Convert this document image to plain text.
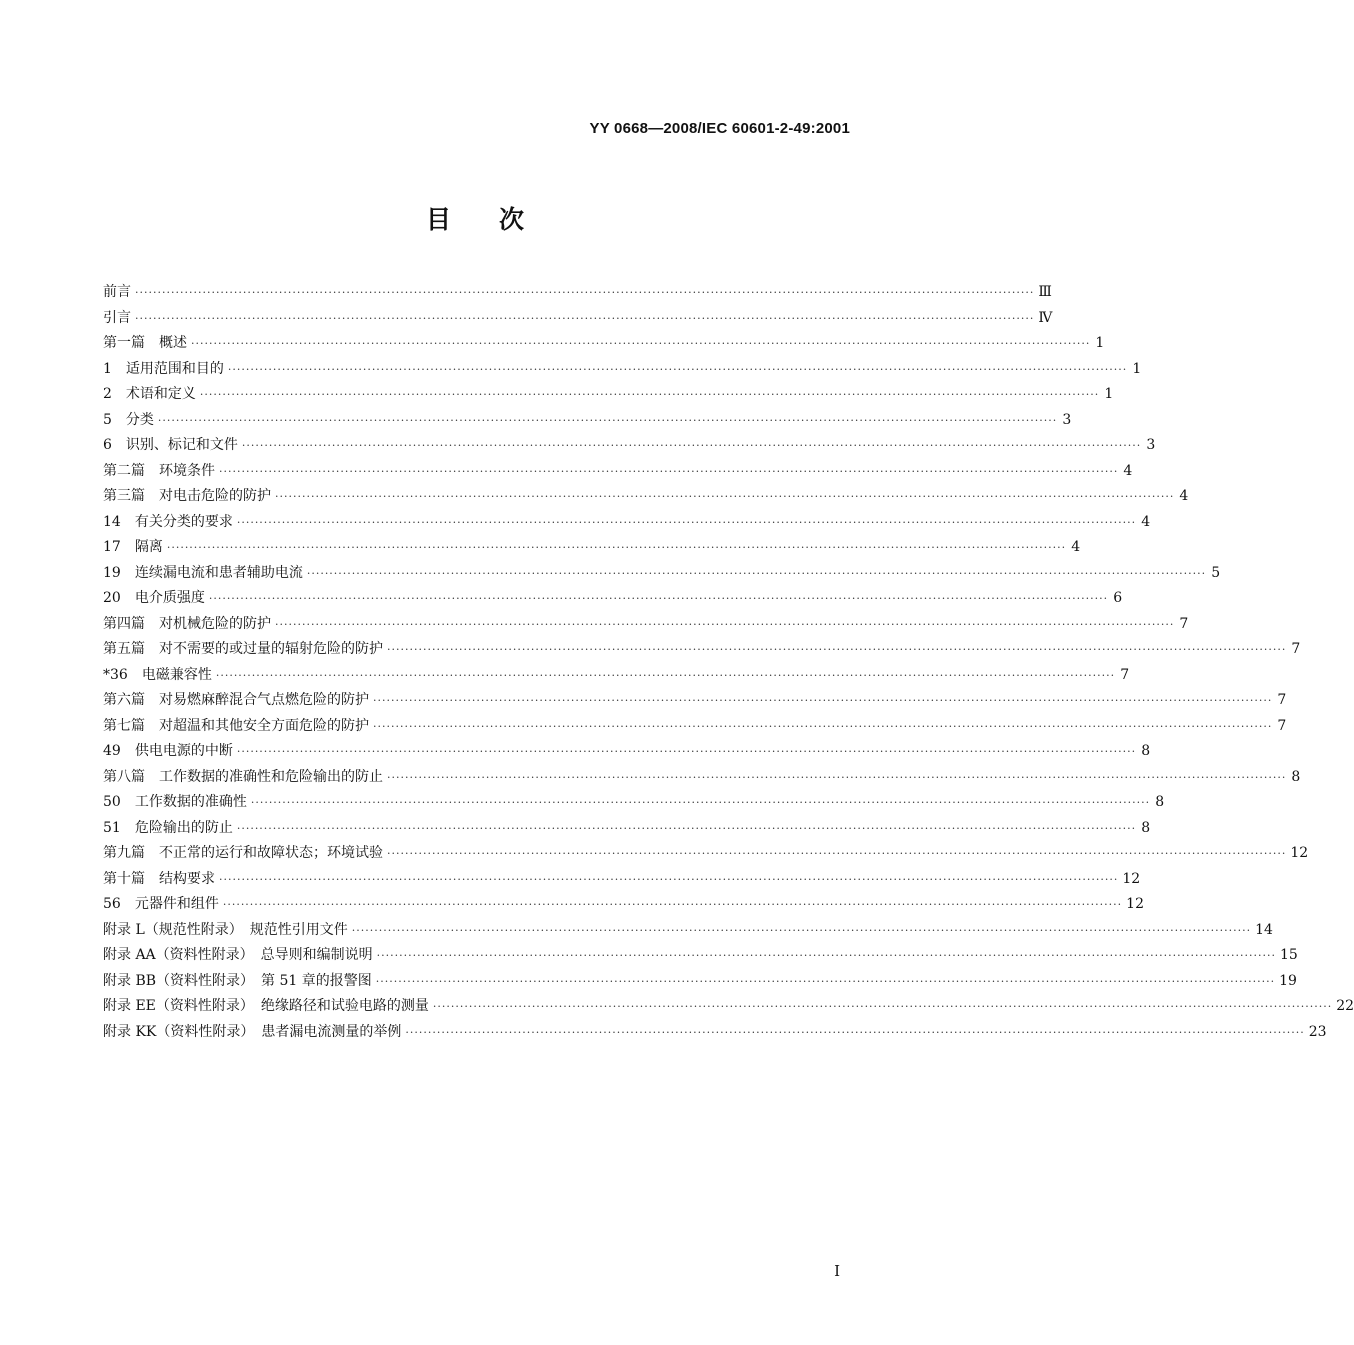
YY 0668—2008/IEC 60601-2-49:2001
目次
前言 ········································································································································································································ Ⅲ
引言 ········································································································································································································ Ⅳ
第一篇　概述 ········································································································································································································ 1
1　适用范围和目的 ········································································································································································································ 1
2　术语和定义 ········································································································································································································ 1
5　分类 ········································································································································································································ 3
6　识别、标记和文件 ········································································································································································································ 3
第二篇　环境条件 ········································································································································································································ 4
第三篇　对电击危险的防护 ········································································································································································································ 4
14　有关分类的要求 ········································································································································································································ 4
17　隔离 ········································································································································································································ 4
19　连续漏电流和患者辅助电流 ········································································································································································································ 5
20　电介质强度 ········································································································································································································ 6
第四篇　对机械危险的防护 ········································································································································································································ 7
第五篇　对不需要的或过量的辐射危险的防护 ········································································································································································································ 7
*36　电磁兼容性 ········································································································································································································ 7
第六篇　对易燃麻醉混合气点燃危险的防护 ········································································································································································································ 7
第七篇　对超温和其他安全方面危险的防护 ········································································································································································································ 7
49　供电电源的中断 ········································································································································································································ 8
第八篇　工作数据的准确性和危险输出的防止 ········································································································································································································ 8
50　工作数据的准确性 ········································································································································································································ 8
51　危险输出的防止 ········································································································································································································ 8
第九篇　不正常的运行和故障状态；环境试验 ········································································································································································································ 12
第十篇　结构要求 ········································································································································································································ 12
56　元器件和组件 ········································································································································································································ 12
附录 L（规范性附录）　规范性引用文件 ········································································································································································································ 14
附录 AA（资料性附录）　总导则和编制说明 ········································································································································································································ 15
附录 BB（资料性附录）　第 51 章的报警图 ········································································································································································································ 19
附录 EE（资料性附录）　绝缘路径和试验电路的测量 ········································································································································································································ 22
附录 KK（资料性附录）　患者漏电流测量的举例 ········································································································································································································ 23
I
